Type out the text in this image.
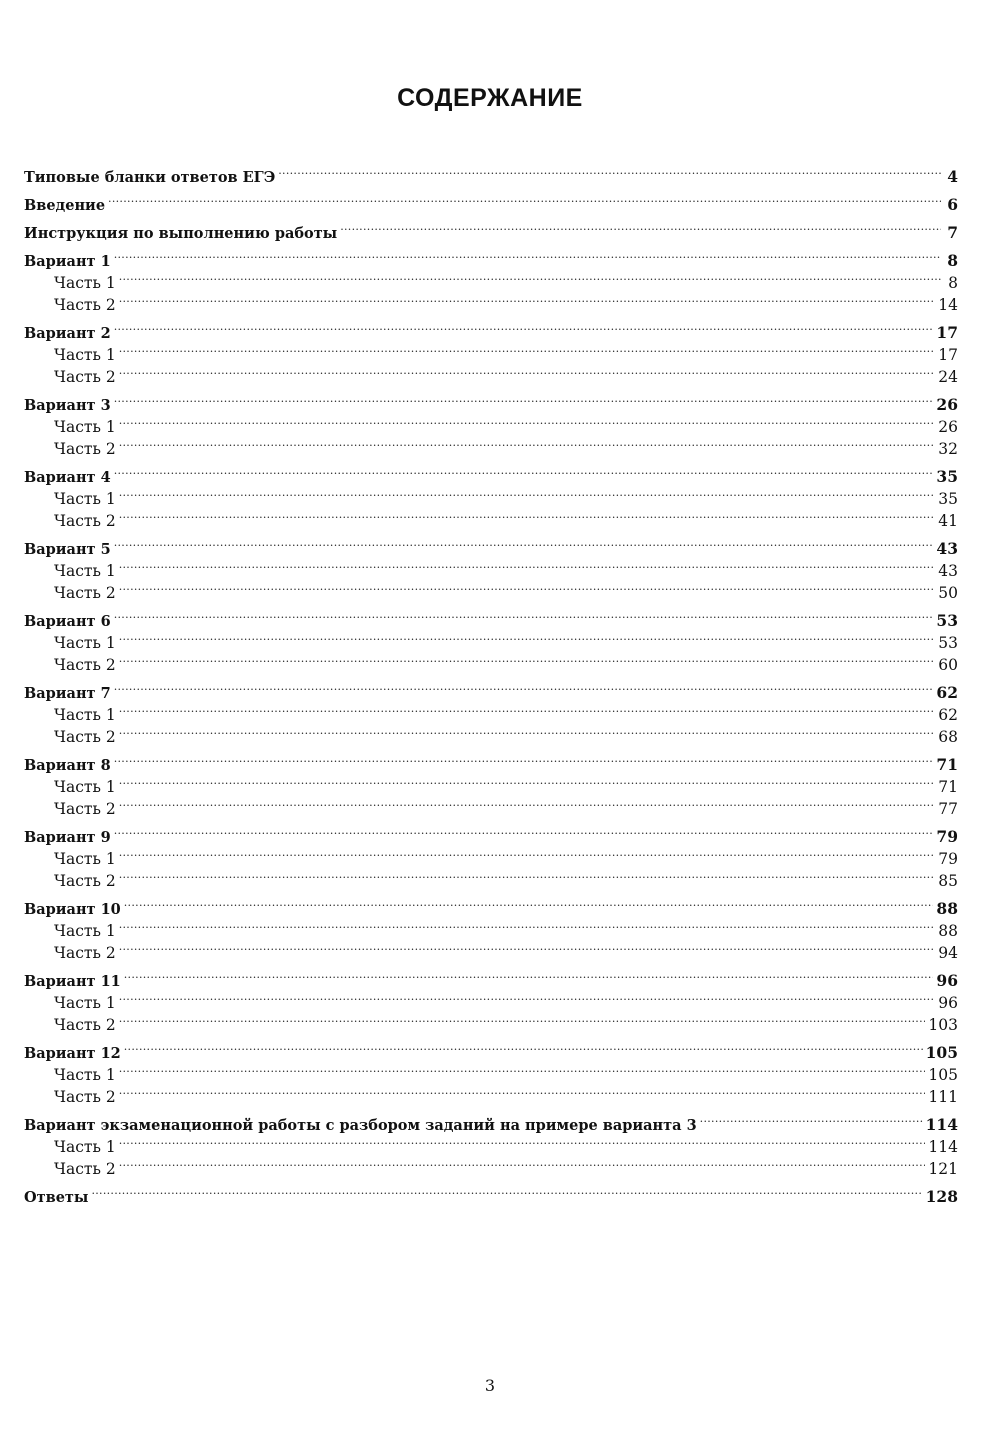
СОДЕРЖАНИЕ
Типовые бланки ответов ЕГЭ . . .	4
Введение . . .	6
Инструкция по выполнению работы . . .	7
Вариант 1 . . .	8
Часть 1 . . .	8
Часть 2 . . .	14
Вариант 2 . . .	17
Часть 1 . . .	17
Часть 2 . . .	24
Вариант 3 . . .	26
Часть 1 . . .	26
Часть 2 . . .	32
Вариант 4 . . .	35
Часть 1 . . .	35
Часть 2 . . .	41
Вариант 5 . . .	43
Часть 1 . . .	43
Часть 2 . . .	50
Вариант 6 . . .	53
Часть 1 . . .	53
Часть 2 . . .	60
Вариант 7 . . .	62
Часть 1 . . .	62
Часть 2 . . .	68
Вариант 8 . . .	71
Часть 1 . . .	71
Часть 2 . . .	77
Вариант 9 . . .	79
Часть 1 . . .	79
Часть 2 . . .	85
Вариант 10 . . .	88
Часть 1 . . .	88
Часть 2 . . .	94
Вариант 11 . . .	96
Часть 1 . . .	96
Часть 2 . . .	103
Вариант 12 . . .	105
Часть 1 . . .	105
Часть 2 . . .	111
Вариант экзаменационной работы с разбором заданий на примере варианта 3 . . .	114
Часть 1 . . .	114
Часть 2 . . .	121
Ответы . . .	128
3
